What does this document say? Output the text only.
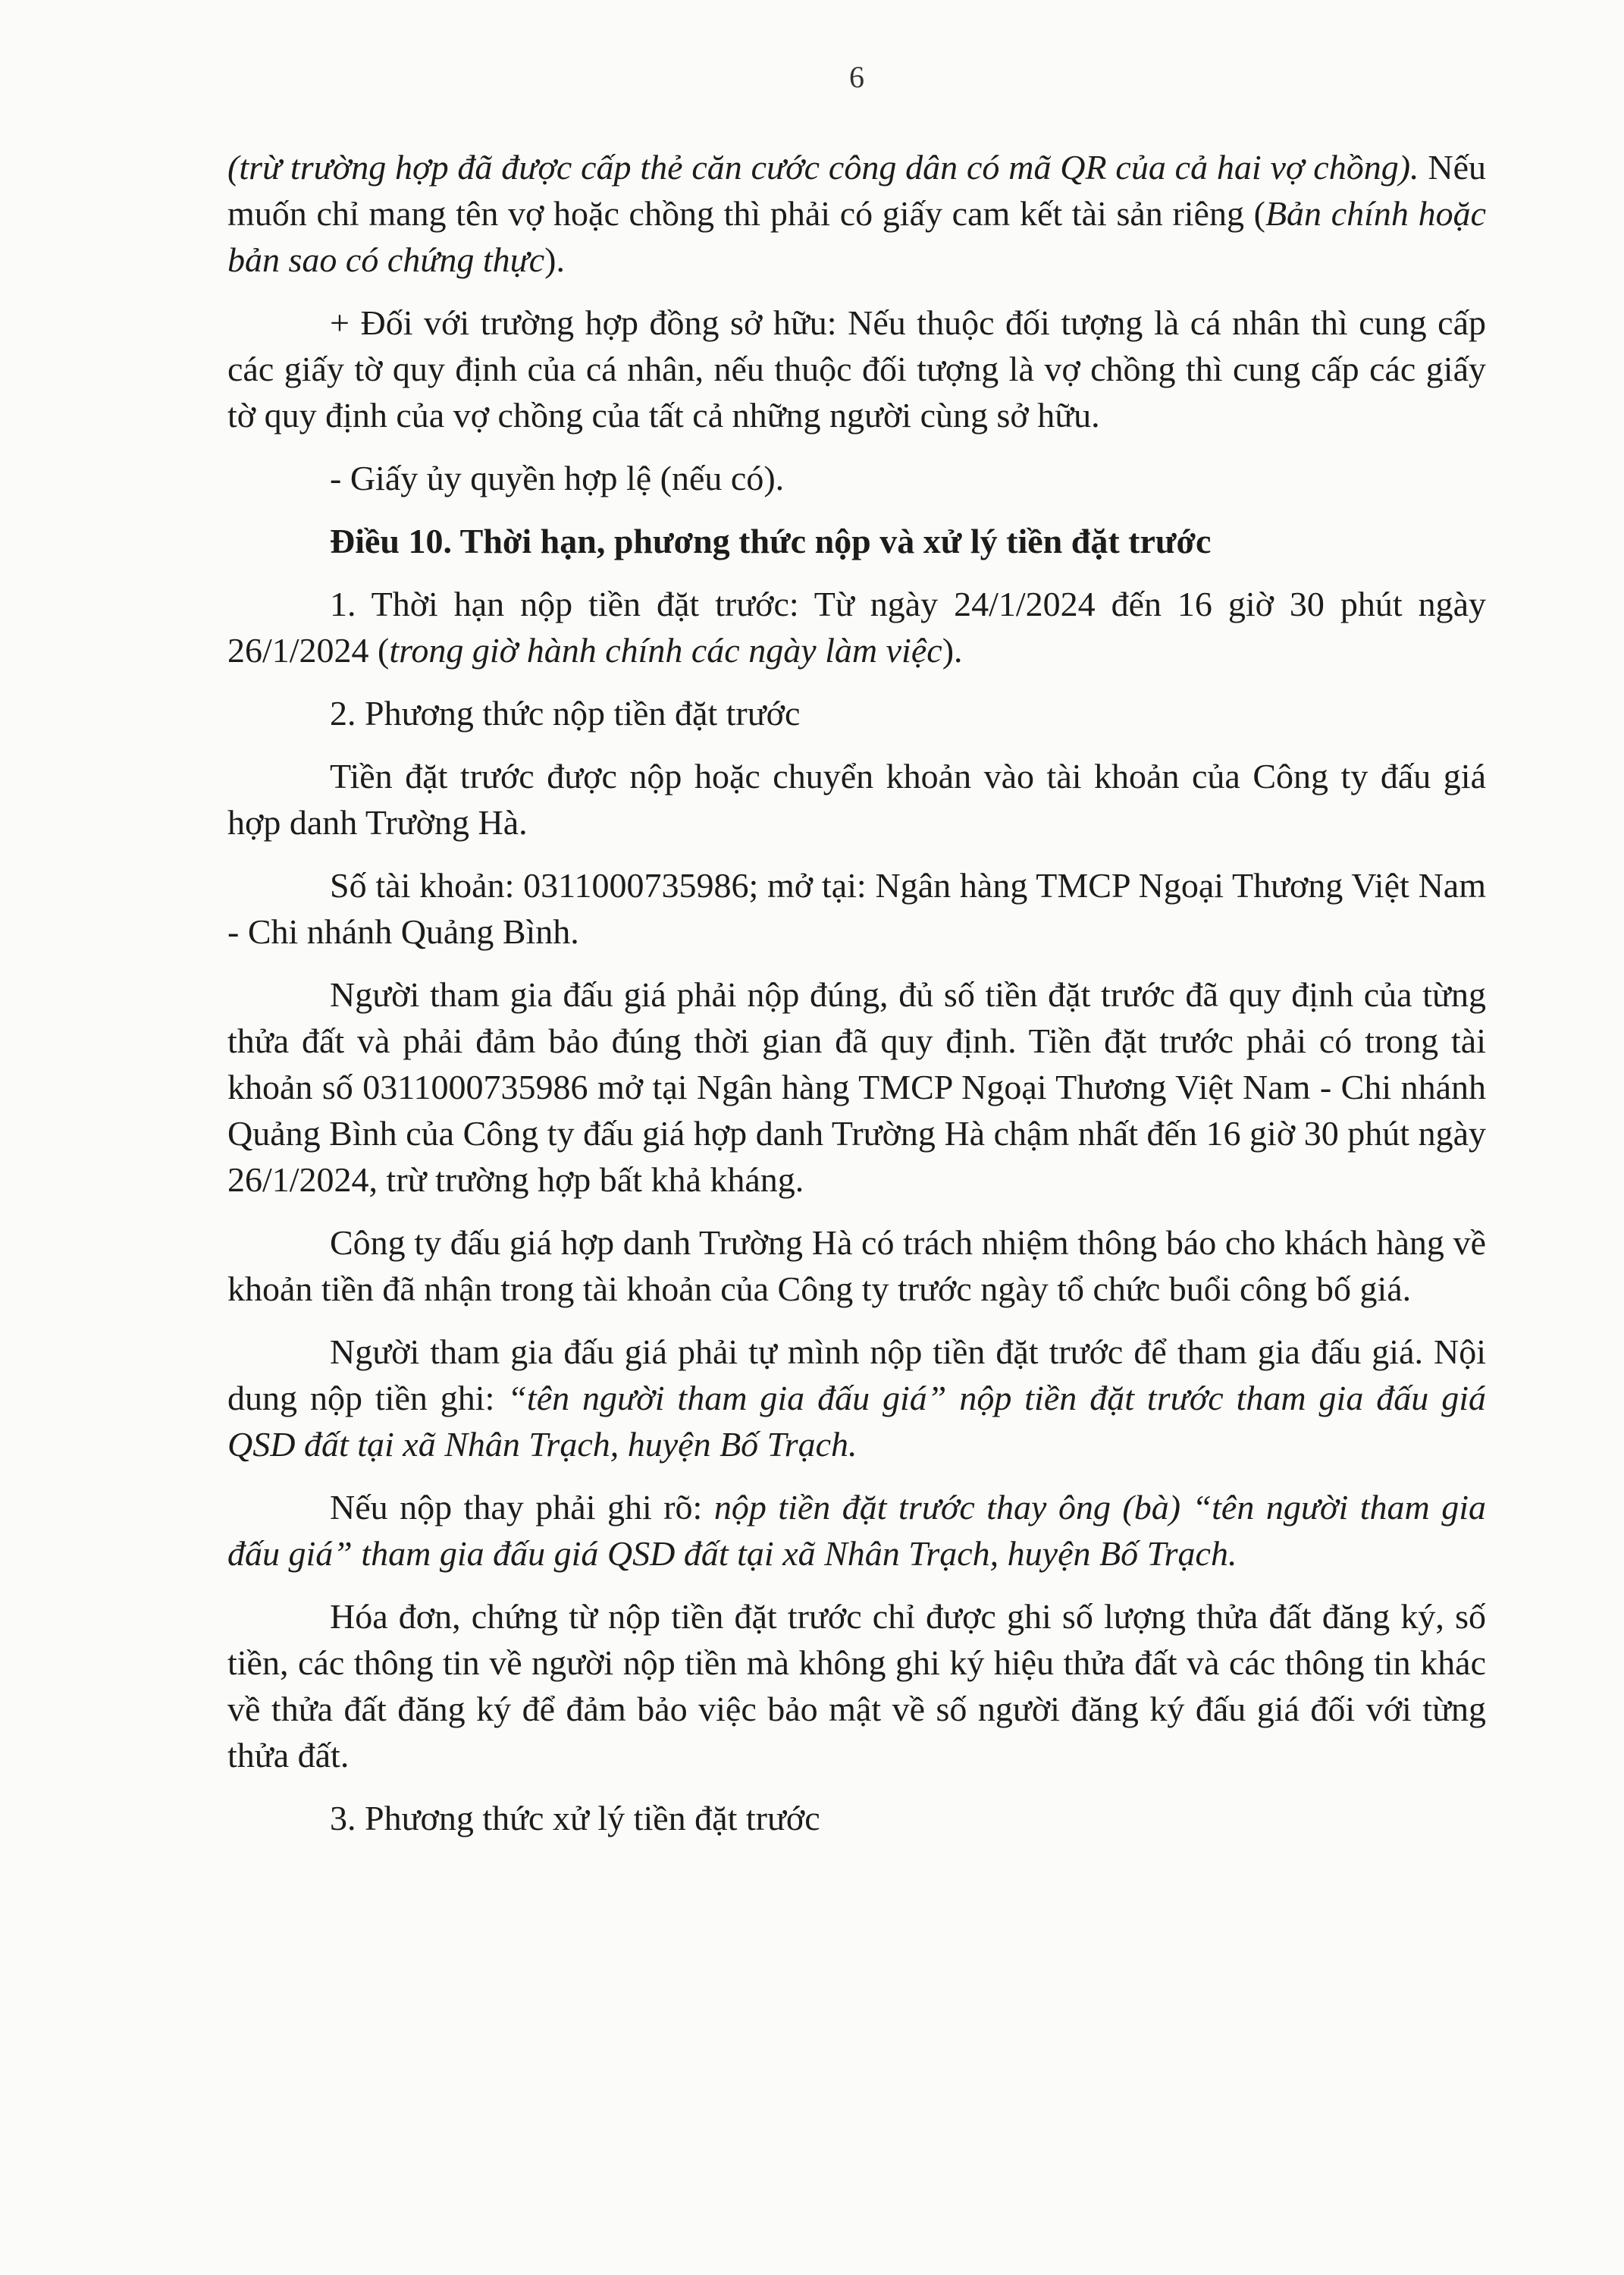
6

(trừ trường hợp đã được cấp thẻ căn cước công dân có mã QR của cả hai vợ chồng). Nếu muốn chỉ mang tên vợ hoặc chồng thì phải có giấy cam kết tài sản riêng (Bản chính hoặc bản sao có chứng thực).

+ Đối với trường hợp đồng sở hữu: Nếu thuộc đối tượng là cá nhân thì cung cấp các giấy tờ quy định của cá nhân, nếu thuộc đối tượng là vợ chồng thì cung cấp các giấy tờ quy định của vợ chồng của tất cả những người cùng sở hữu.

- Giấy ủy quyền hợp lệ (nếu có).

Điều 10. Thời hạn, phương thức nộp và xử lý tiền đặt trước

1. Thời hạn nộp tiền đặt trước: Từ ngày 24/1/2024 đến 16 giờ 30 phút ngày 26/1/2024 (trong giờ hành chính các ngày làm việc).

2. Phương thức nộp tiền đặt trước

Tiền đặt trước được nộp hoặc chuyển khoản vào tài khoản của Công ty đấu giá hợp danh Trường Hà.

Số tài khoản: 0311000735986; mở tại: Ngân hàng TMCP Ngoại Thương Việt Nam - Chi nhánh Quảng Bình.

Người tham gia đấu giá phải nộp đúng, đủ số tiền đặt trước đã quy định của từng thửa đất và phải đảm bảo đúng thời gian đã quy định. Tiền đặt trước phải có trong tài khoản số 0311000735986 mở tại Ngân hàng TMCP Ngoại Thương Việt Nam - Chi nhánh Quảng Bình của Công ty đấu giá hợp danh Trường Hà chậm nhất đến 16 giờ 30 phút ngày 26/1/2024, trừ trường hợp bất khả kháng.

Công ty đấu giá hợp danh Trường Hà có trách nhiệm thông báo cho khách hàng về khoản tiền đã nhận trong tài khoản của Công ty trước ngày tổ chức buổi công bố giá.

Người tham gia đấu giá phải tự mình nộp tiền đặt trước để tham gia đấu giá. Nội dung nộp tiền ghi: “tên người tham gia đấu giá” nộp tiền đặt trước tham gia đấu giá QSD đất tại xã Nhân Trạch, huyện Bố Trạch.

Nếu nộp thay phải ghi rõ: nộp tiền đặt trước thay ông (bà) “tên người tham gia đấu giá” tham gia đấu giá QSD đất tại xã Nhân Trạch, huyện Bố Trạch.

Hóa đơn, chứng từ nộp tiền đặt trước chỉ được ghi số lượng thửa đất đăng ký, số tiền, các thông tin về người nộp tiền mà không ghi ký hiệu thửa đất và các thông tin khác về thửa đất đăng ký để đảm bảo việc bảo mật về số người đăng ký đấu giá đối với từng thửa đất.

3. Phương thức xử lý tiền đặt trước
